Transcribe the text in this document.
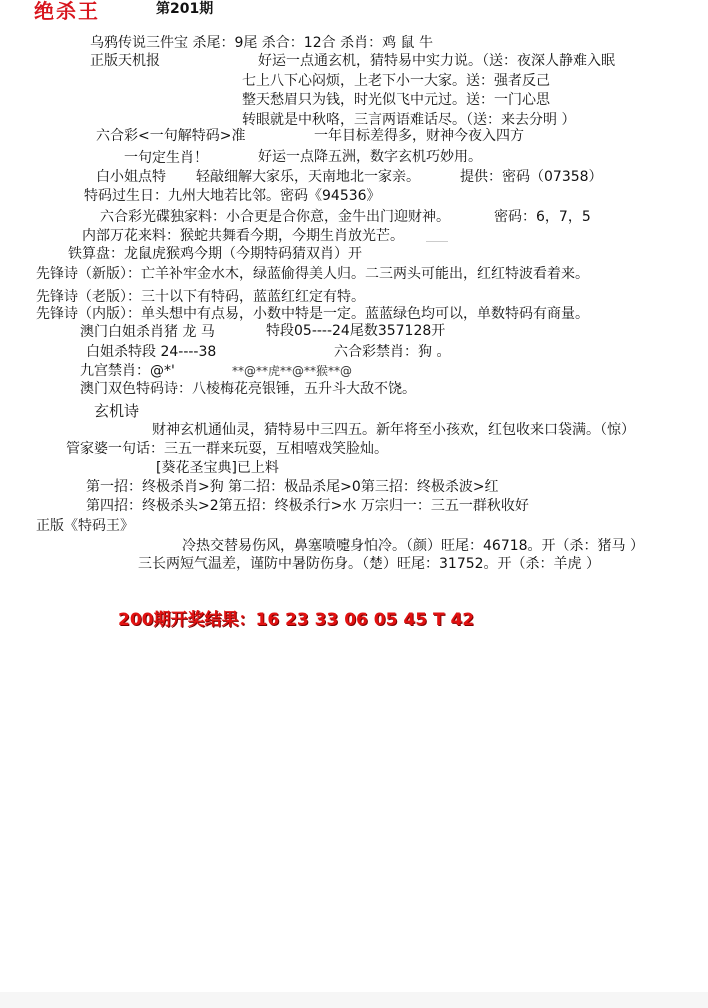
绝杀王	第201期
乌鸦传说三件宝 杀尾：9尾 杀合：12合 杀肖：鸡 鼠 牛
正版天机报	好运一点通玄机，猜特易中实力说。（送：夜深人静难入眠
七上八下心闷烦，上老下小一大家。送：强者反己
整天愁眉只为钱，时光似飞中元过。送：一门心思
转眼就是中秋咯，三言两语难话尽。（送：来去分明 ）
六合彩<一句解特码>准	一年目标差得多，财神今夜入四方
一句定生肖！	好运一点降五洲，数字玄机巧妙用。
白小姐点特 轻敲细解大家乐，天南地北一家亲。	提供：密码（07358）
特码过生日：九州大地若比邻。密码《94536》
六合彩光碟独家料：小合更是合你意，金牛出门迎财神。	密码：6，7，5
内部万花来料：猴蛇共舞看今期，今期生肖放光芒。
铁算盘：龙鼠虎猴鸡今期（今期特码猜双肖）开
先锋诗（新版）：亡羊补牢金水木，绿蓝偷得美人归。二三两头可能出，红红特波看着来。
先锋诗（老版）：三十以下有特码，蓝蓝红红定有特。
先锋诗（内版）：单头想中有点易，小数中特是一定。蓝蓝绿色均可以，单数特码有商量。
澳门白姐杀肖猪 龙 马	特段05----24尾数357128开
白姐杀特段 24----38	六合彩禁肖：狗 。
九宫禁肖：@*'	**@**虎**@**猴**@
澳门双色特码诗：八棱梅花亮银锤，五升斗大敌不饶。
玄机诗
财神玄机通仙灵，猜特易中三四五。新年将至小孩欢，红包收来口袋满。（惊）
管家婆一句话：三五一群来玩耍，互相嘻戏笑脸灿。
[葵花圣宝典]已上料
第一招：终极杀肖>狗 第二招：极品杀尾>0第三招：终极杀波>红
第四招：终极杀头>2第五招：终极杀行>水 万宗归一：三五一群秋收好
正版《特码王》
冷热交替易伤风，鼻塞喷嚏身怕冷。（颜）旺尾：46718。开（杀：猪马 ）
三长两短气温差，谨防中暑防伤身。（楚）旺尾：31752。开（杀：羊虎 ）
200期开奖结果：16 23 33 06 05 45 T 42
